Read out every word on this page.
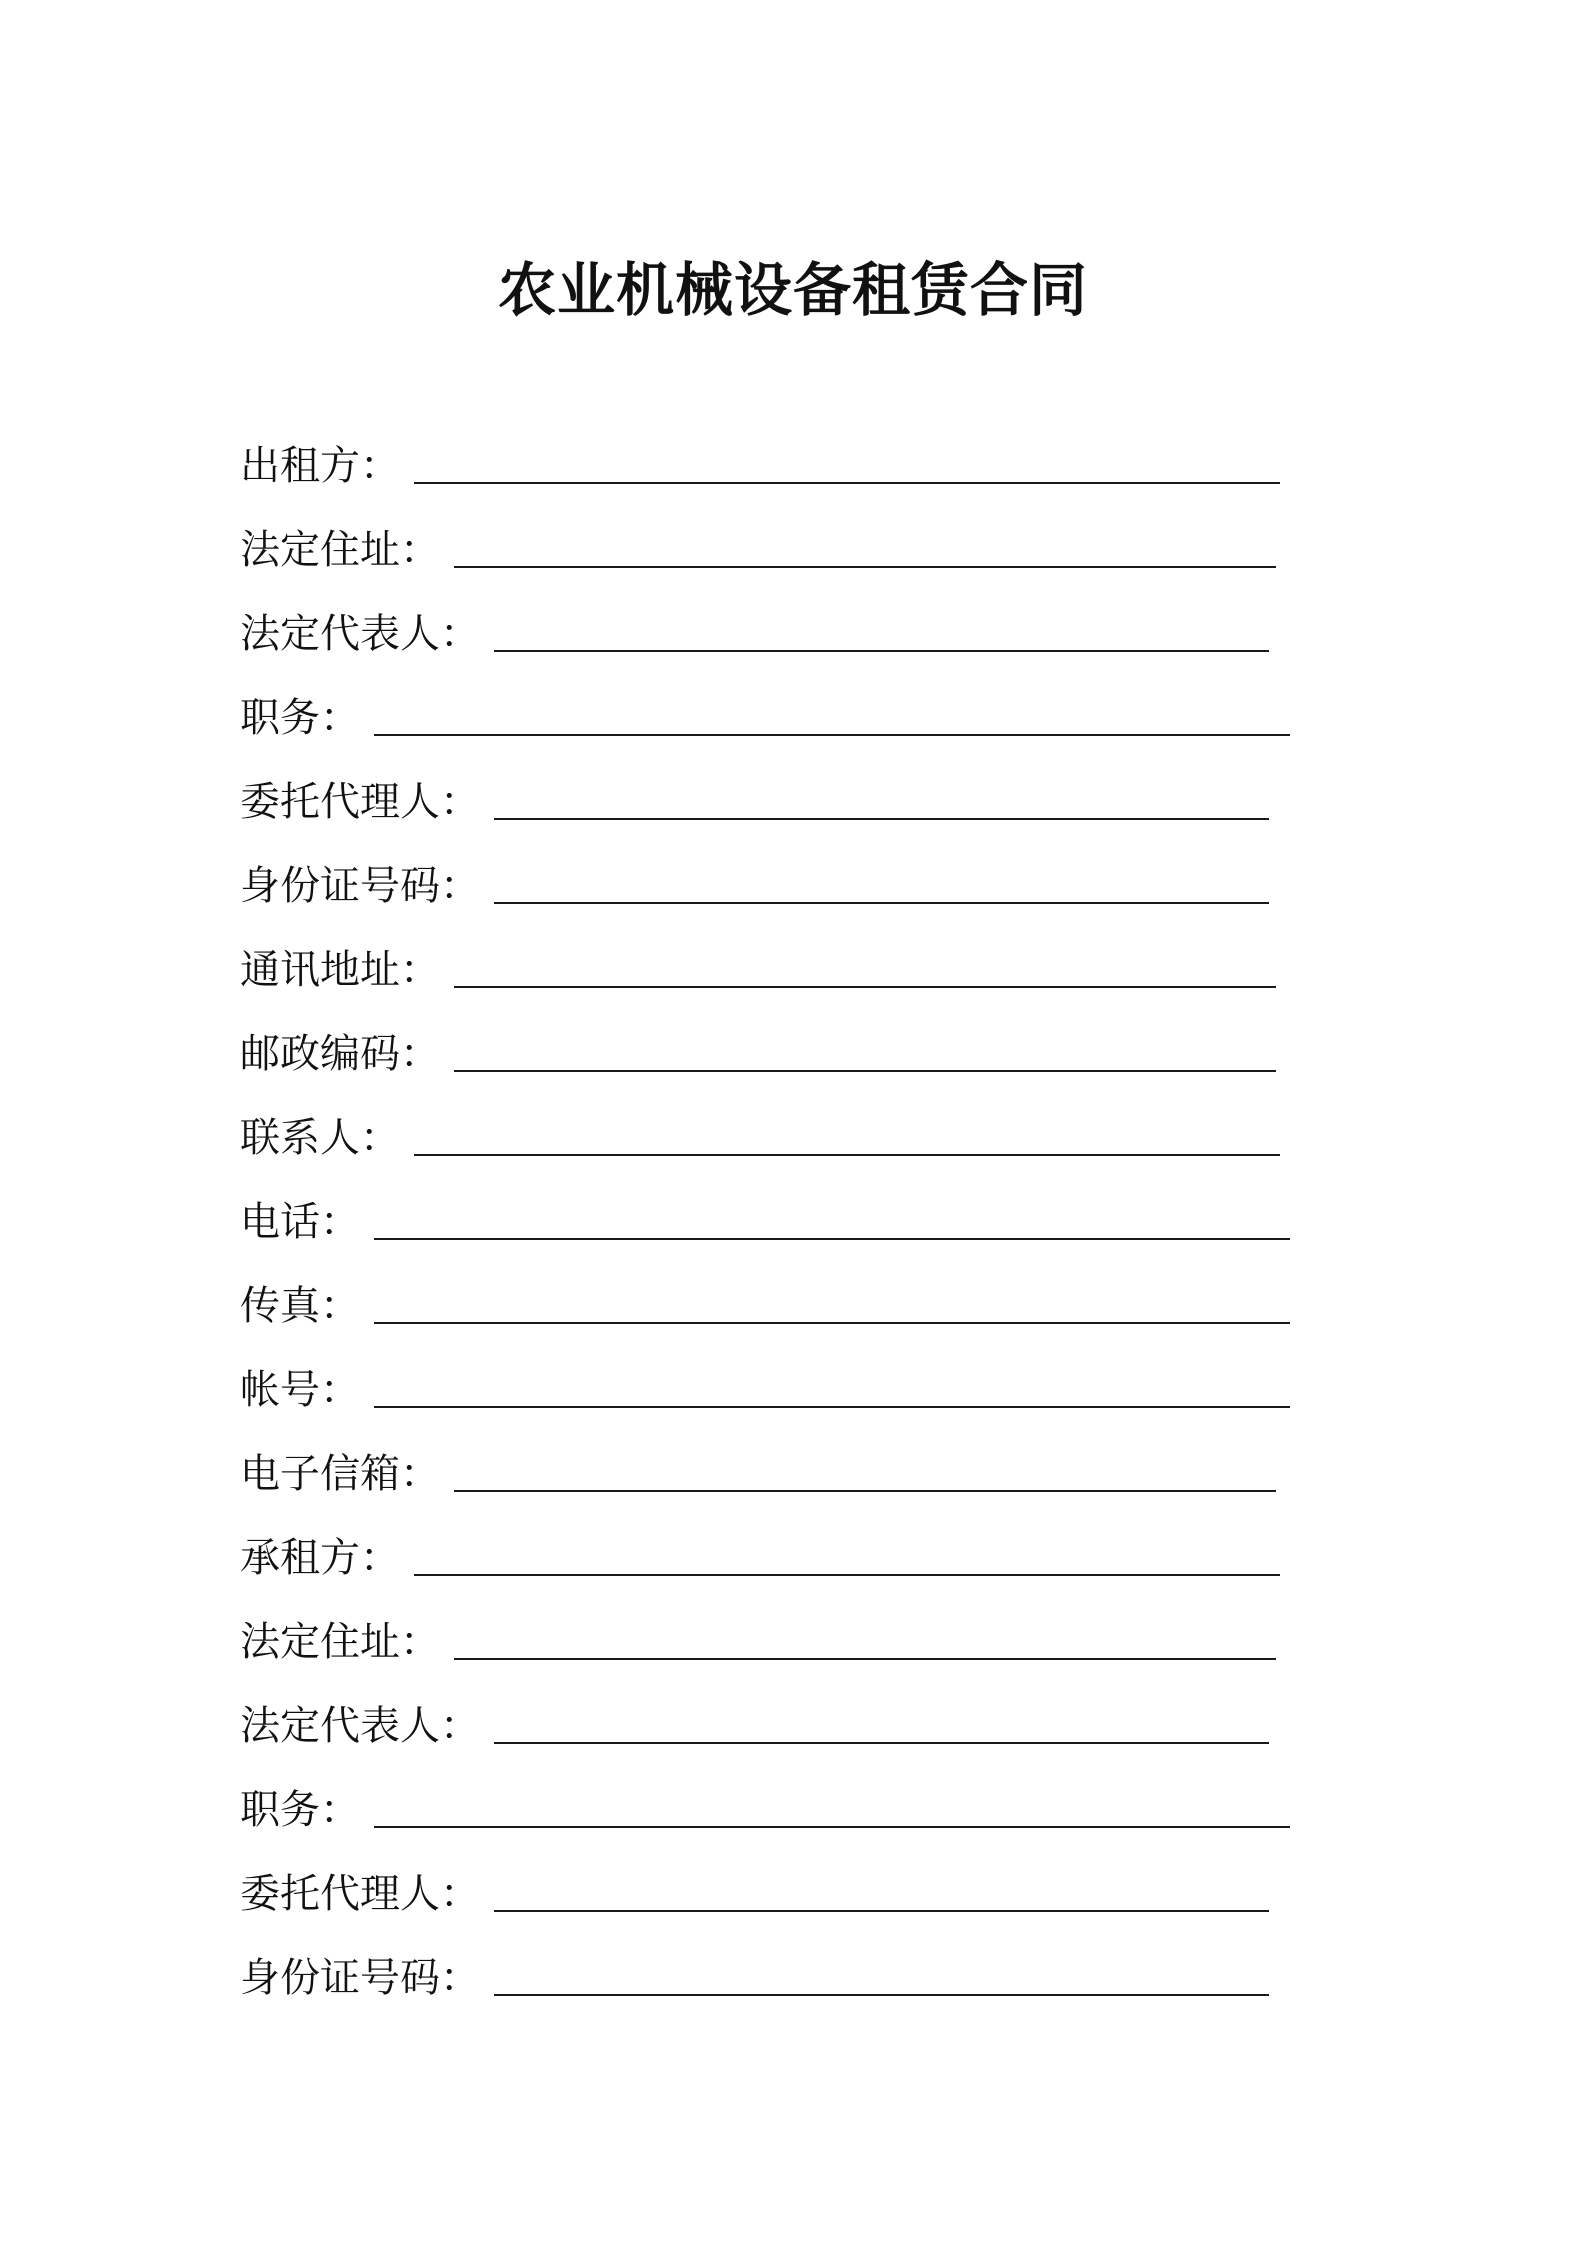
农业机械设备租赁合同
出租方：
法定住址：
法定代表人：
职务：
委托代理人：
身份证号码：
通讯地址：
邮政编码：
联系人：
电话：
传真：
帐号：
电子信箱：
承租方：
法定住址：
法定代表人：
职务：
委托代理人：
身份证号码：
